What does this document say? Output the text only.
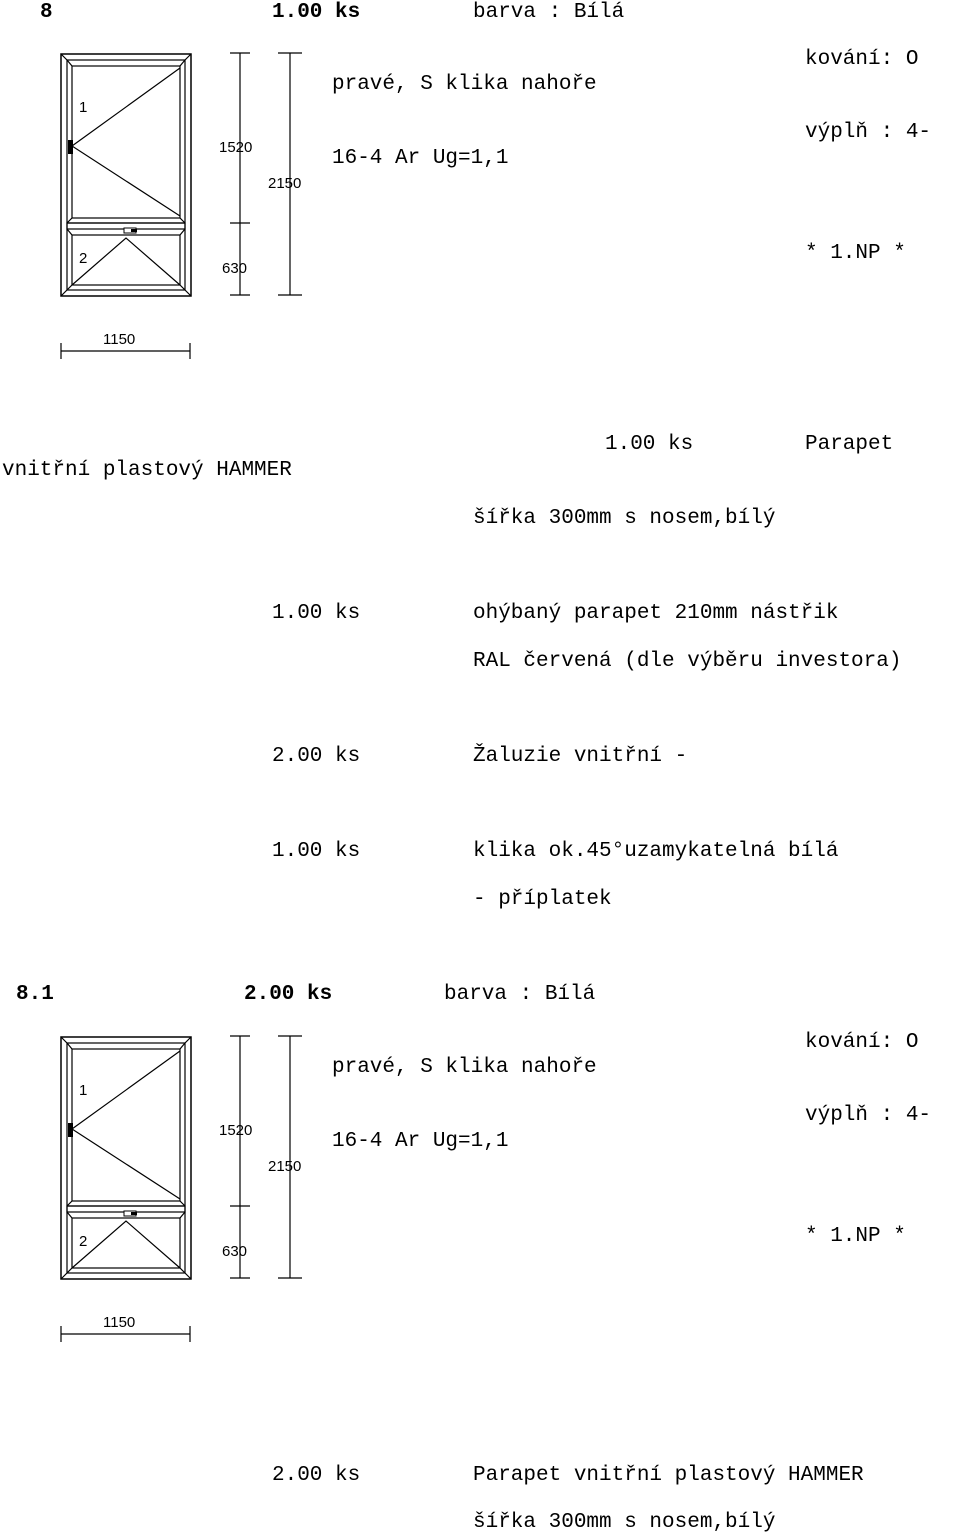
8	1.00 ks	barva : Bílá
1
2
1520
2150
630
1150
pravé, S klika nahoře
16-4 Ar Ug=1,1
kování: O
výplň : 4-
* 1.NP *
vnitřní plastový HAMMER
1.00 ks	Parapet
šířka 300mm s nosem,bílý
1.00 ks	ohýbaný parapet 210mm nástřik
RAL červená (dle výběru investora)
2.00 ks	Žaluzie vnitřní -
1.00 ks	klika ok.45°uzamykatelná bílá
- příplatek
8.1	2.00 ks	barva : Bílá
1
2
1520
2150
630
1150
pravé, S klika nahoře
16-4 Ar Ug=1,1
kování: O
výplň : 4-
* 1.NP *
2.00 ks	Parapet vnitřní plastový HAMMER
šířka 300mm s nosem,bílý
